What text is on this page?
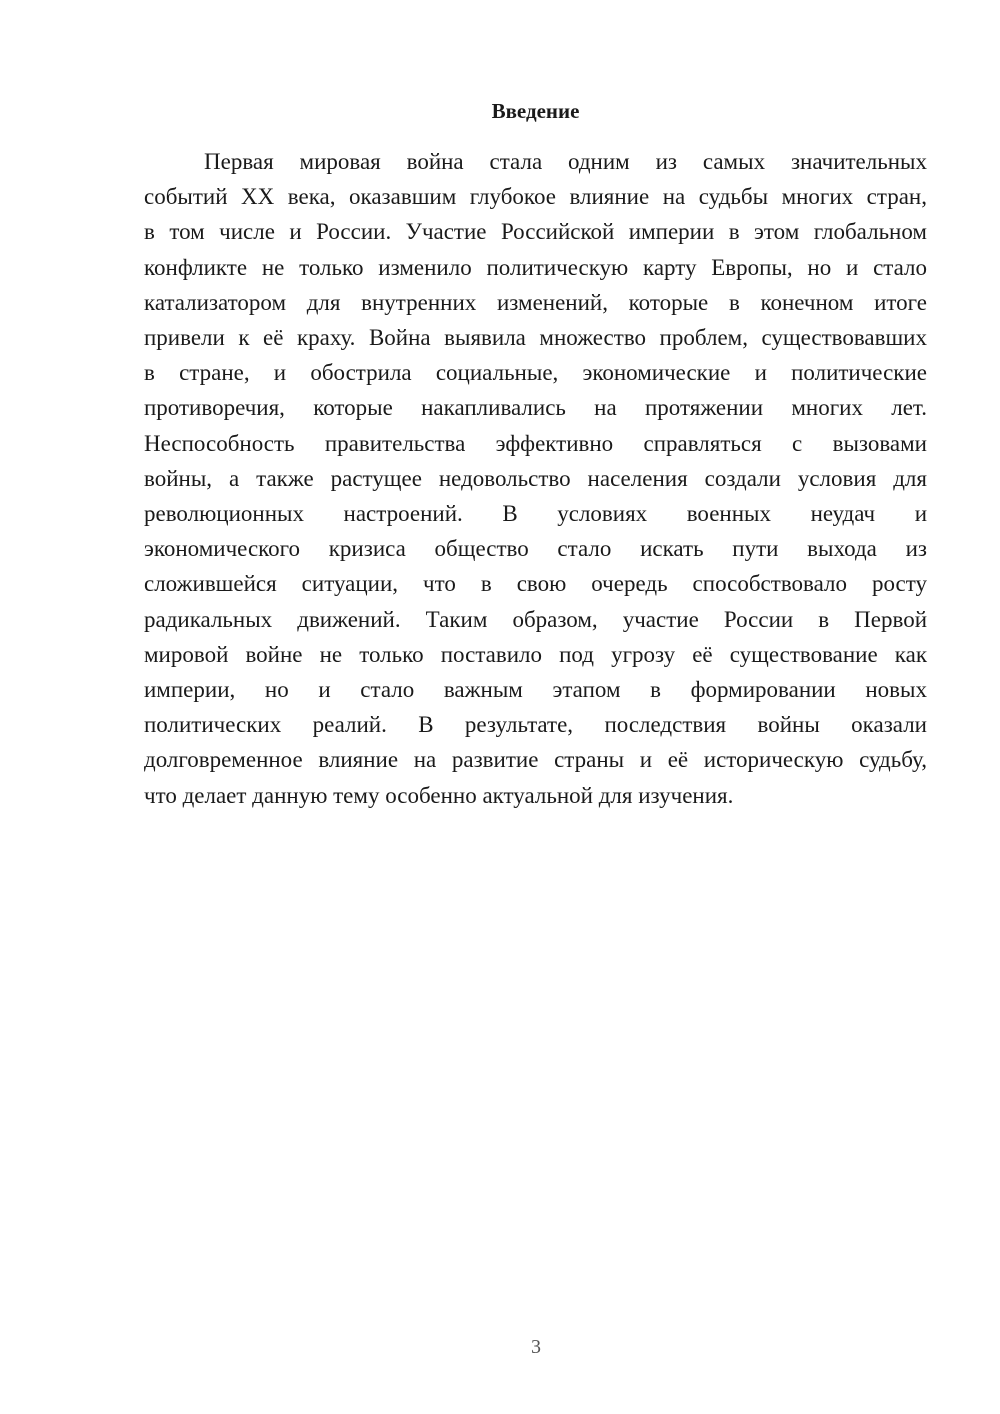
Введение
Первая мировая война стала одним из самых значительных
событий XX века, оказавшим глубокое влияние на судьбы многих стран,
в том числе и России. Участие Российской империи в этом глобальном
конфликте не только изменило политическую карту Европы, но и стало
катализатором для внутренних изменений, которые в конечном итоге
привели к её краху. Война выявила множество проблем, существовавших
в стране, и обострила социальные, экономические и политические
противоречия, которые накапливались на протяжении многих лет.
Неспособность правительства эффективно справляться с вызовами
войны, а также растущее недовольство населения создали условия для
революционных настроений. В условиях военных неудач и
экономического кризиса общество стало искать пути выхода из
сложившейся ситуации, что в свою очередь способствовало росту
радикальных движений. Таким образом, участие России в Первой
мировой войне не только поставило под угрозу её существование как
империи, но и стало важным этапом в формировании новых
политических реалий. В результате, последствия войны оказали
долговременное влияние на развитие страны и её историческую судьбу,
что делает данную тему особенно актуальной для изучения.
3
